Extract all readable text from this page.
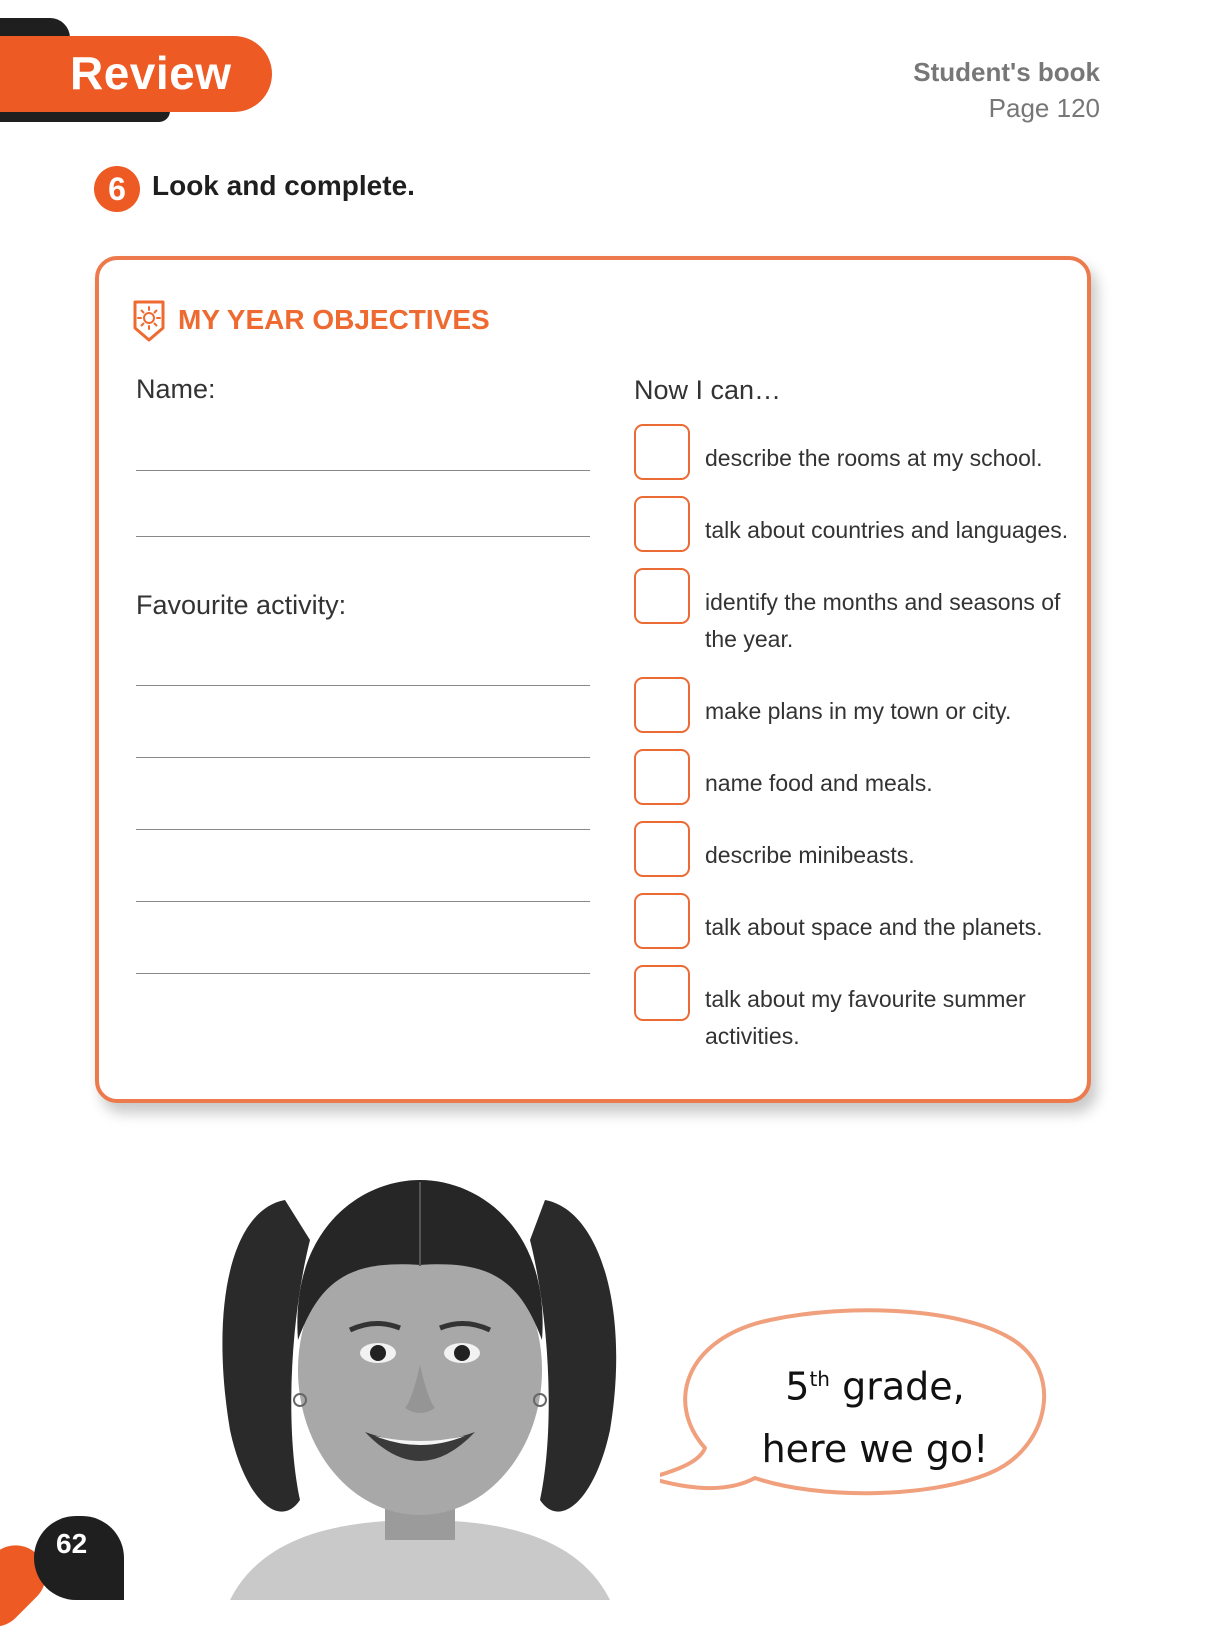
Review	Student's book
Page 120
6 Look and complete.
MY YEAR OBJECTIVES
Name:
Favourite activity:
Now I can…
describe the rooms at my school.
talk about countries and languages.
identify the months and seasons of the year.
make plans in my town or city.
name food and meals.
describe minibeasts.
talk about space and the planets.
talk about my favourite summer activities.
5th grade,
here we go!
62
